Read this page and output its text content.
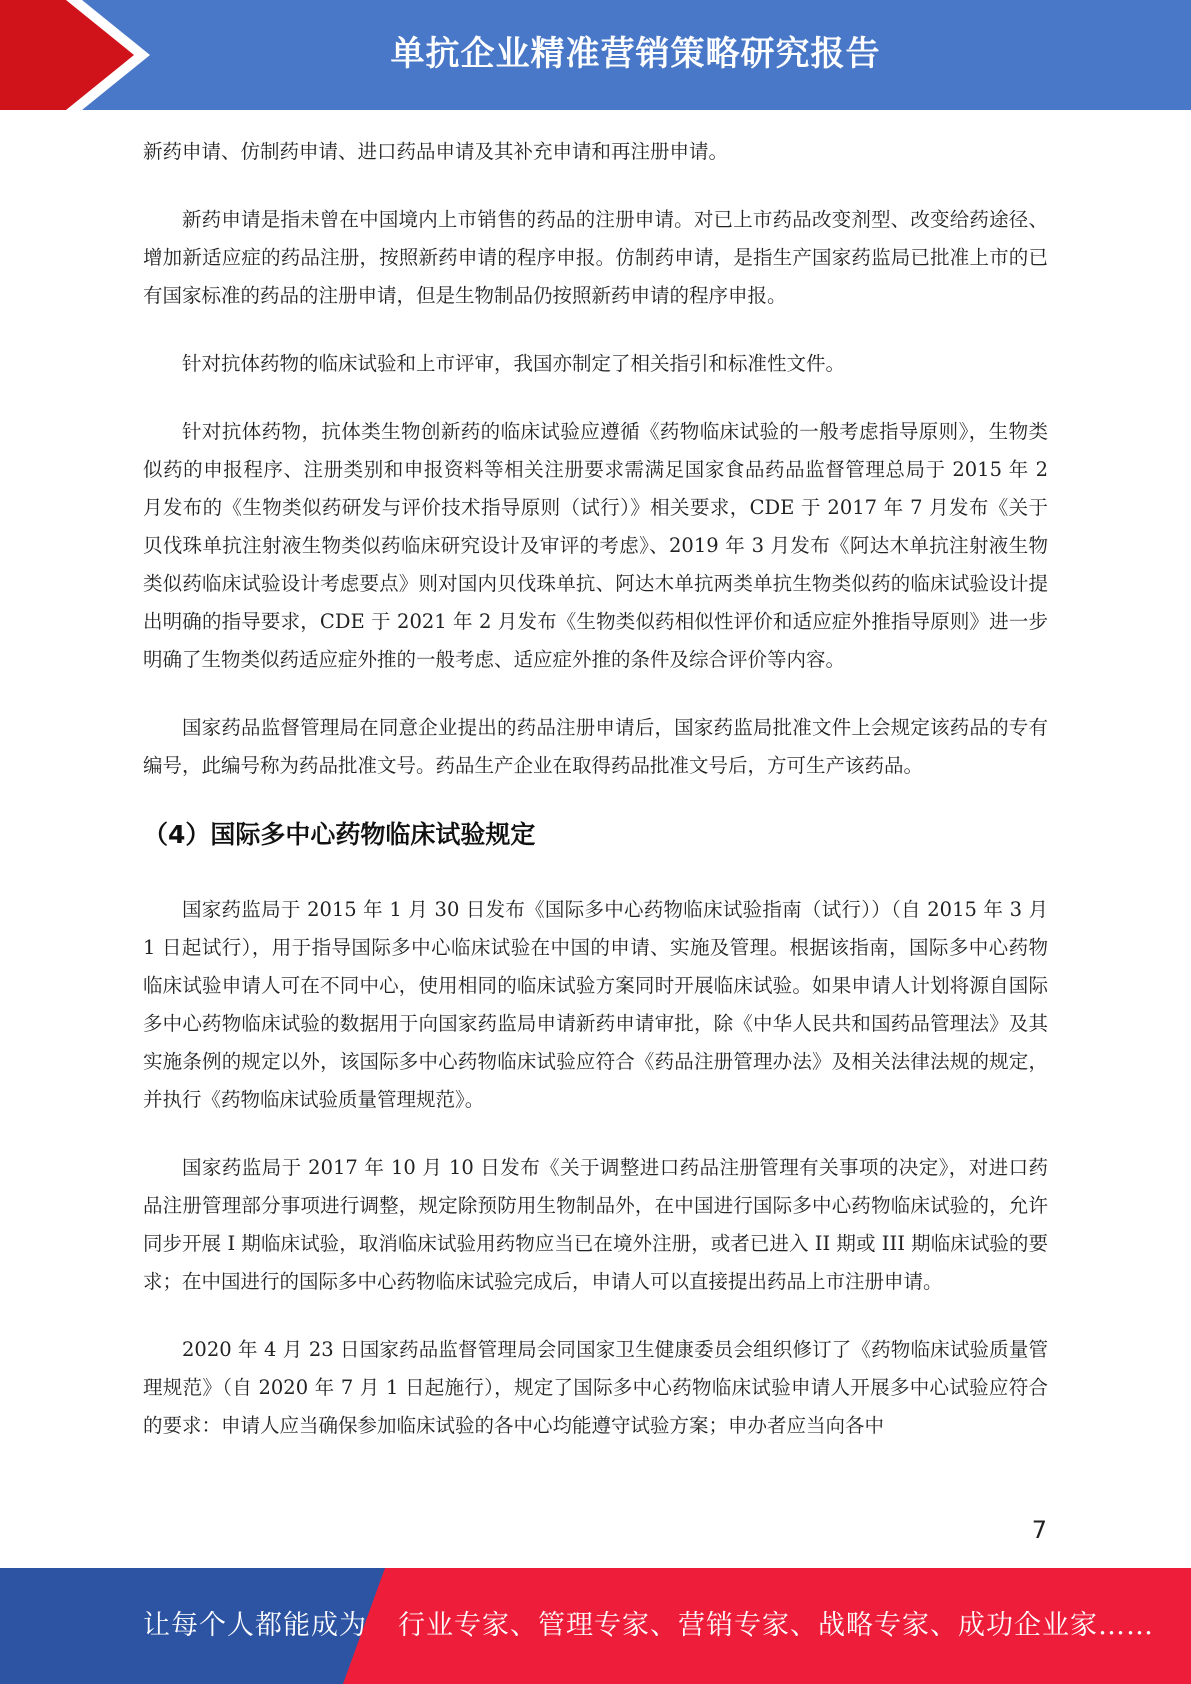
单抗企业精准营销策略研究报告

新药申请、仿制药申请、进口药品申请及其补充申请和再注册申请。

新药申请是指未曾在中国境内上市销售的药品的注册申请。对已上市药品改变剂型、改变给药途径、增加新适应症的药品注册，按照新药申请的程序申报。仿制药申请，是指生产国家药监局已批准上市的已有国家标准的药品的注册申请，但是生物制品仍按照新药申请的程序申报。

针对抗体药物的临床试验和上市评审，我国亦制定了相关指引和标准性文件。

针对抗体药物，抗体类生物创新药的临床试验应遵循《药物临床试验的一般考虑指导原则》，生物类似药的申报程序、注册类别和申报资料等相关注册要求需满足国家食品药品监督管理总局于 2015 年 2 月发布的《生物类似药研发与评价技术指导原则（试行）》相关要求，CDE 于 2017 年 7 月发布《关于贝伐珠单抗注射液生物类似药临床研究设计及审评的考虑》、2019 年 3 月发布《阿达木单抗注射液生物类似药临床试验设计考虑要点》则对国内贝伐珠单抗、阿达木单抗两类单抗生物类似药的临床试验设计提出明确的指导要求，CDE 于 2021 年 2 月发布《生物类似药相似性评价和适应症外推指导原则》进一步明确了生物类似药适应症外推的一般考虑、适应症外推的条件及综合评价等内容。

国家药品监督管理局在同意企业提出的药品注册申请后，国家药监局批准文件上会规定该药品的专有编号，此编号称为药品批准文号。药品生产企业在取得药品批准文号后，方可生产该药品。

（4）国际多中心药物临床试验规定

国家药监局于 2015 年 1 月 30 日发布《国际多中心药物临床试验指南（试行））（自 2015 年 3 月 1 日起试行），用于指导国际多中心临床试验在中国的申请、实施及管理。根据该指南，国际多中心药物临床试验申请人可在不同中心，使用相同的临床试验方案同时开展临床试验。如果申请人计划将源自国际多中心药物临床试验的数据用于向国家药监局申请新药申请审批，除《中华人民共和国药品管理法》及其实施条例的规定以外，该国际多中心药物临床试验应符合《药品注册管理办法》及相关法律法规的规定，并执行《药物临床试验质量管理规范》。

国家药监局于 2017 年 10 月 10 日发布《关于调整进口药品注册管理有关事项的决定》，对进口药品注册管理部分事项进行调整，规定除预防用生物制品外，在中国进行国际多中心药物临床试验的，允许同步开展 I 期临床试验，取消临床试验用药物应当已在境外注册，或者已进入 II 期或 III 期临床试验的要求；在中国进行的国际多中心药物临床试验完成后，申请人可以直接提出药品上市注册申请。

2020 年 4 月 23 日国家药品监督管理局会同国家卫生健康委员会组织修订了《药物临床试验质量管理规范》（自 2020 年 7 月 1 日起施行），规定了国际多中心药物临床试验申请人开展多中心试验应符合的要求：申请人应当确保参加临床试验的各中心均能遵守试验方案；申办者应当向各中

7
让每个人都能成为 行业专家、管理专家、营销专家、战略专家、成功企业家……
